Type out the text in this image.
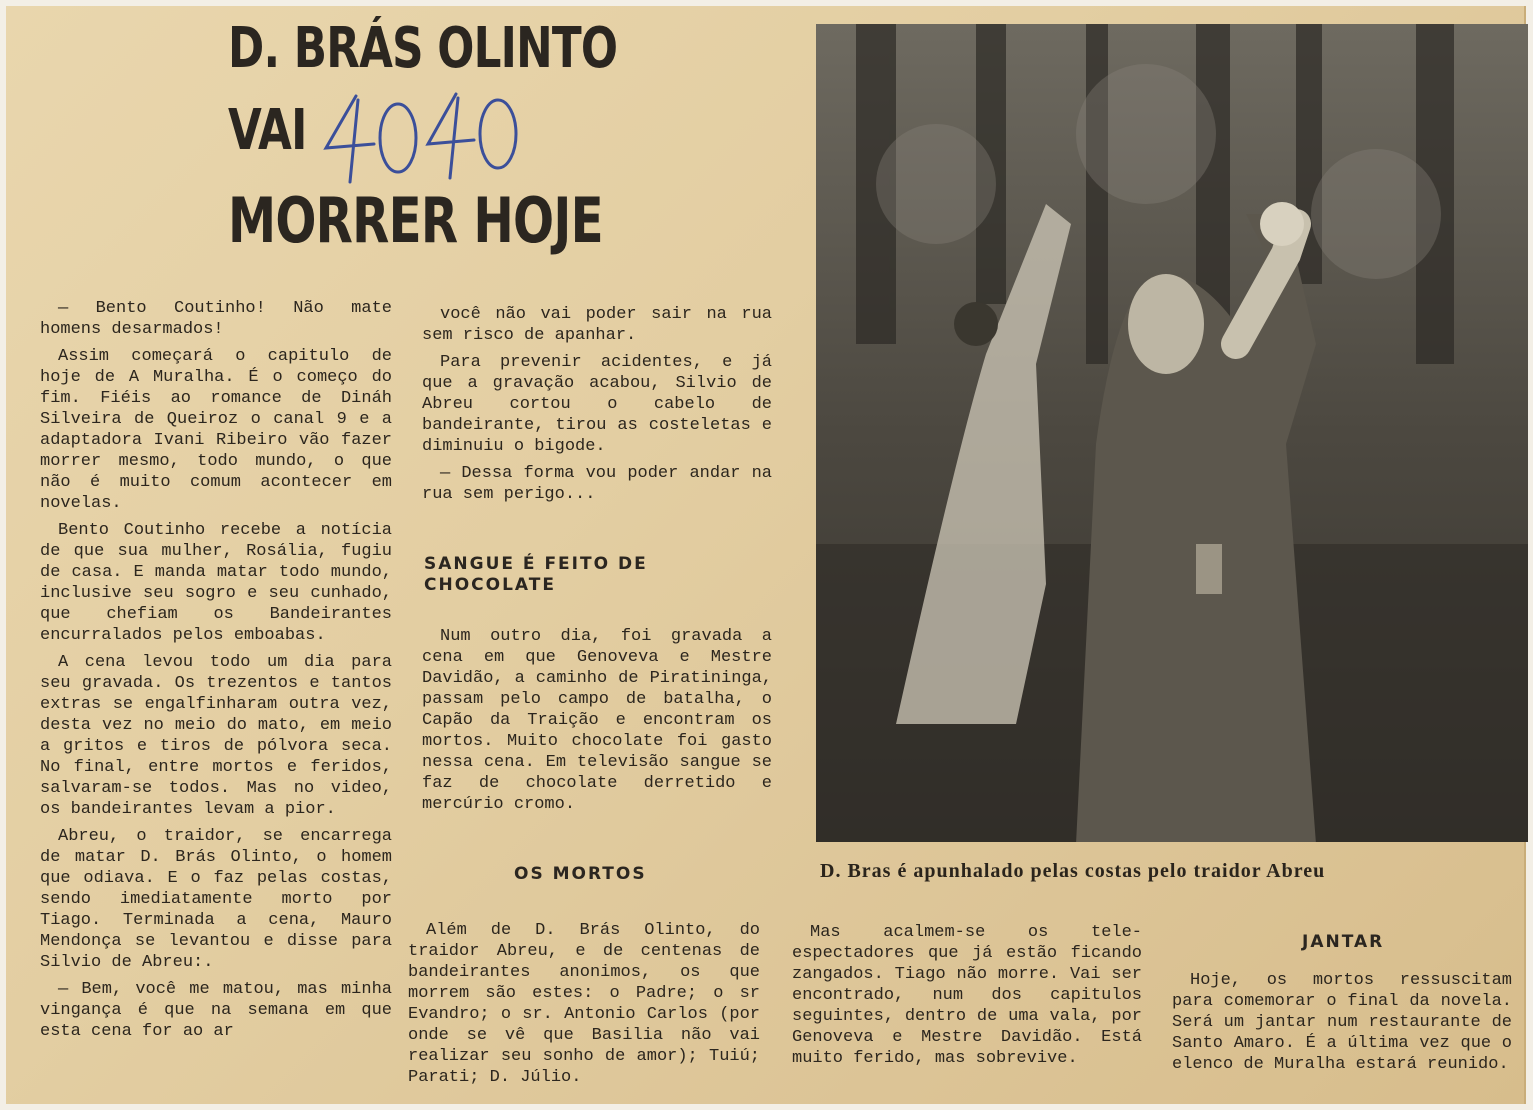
D. BRÁS OLINTO
VAI
MORRER HOJE

— Bento Coutinho! Não mate homens desarmados!

Assim começará o capitulo de hoje de A Muralha. É o começo do fim. Fiéis ao romance de Dináh Silveira de Queiroz o canal 9 e a adaptadora Ivani Ribeiro vão fazer morrer mesmo, todo mundo, o que não é muito comum acontecer em novelas.

Bento Coutinho recebe a notícia de que sua mulher, Rosália, fugiu de casa. E manda matar todo mundo, inclusive seu sogro e seu cunhado, que chefiam os Bandeirantes encurralados pelos emboabas.

A cena levou todo um dia para seu gravada. Os trezentos e tantos extras se engalfinharam outra vez, desta vez no meio do mato, em meio a gritos e tiros de pólvora seca. No final, entre mortos e feridos, salvaram-se todos. Mas no video, os bandeirantes levam a pior.

Abreu, o traidor, se encarrega de matar D. Brás Olinto, o homem que odiava. E o faz pelas costas, sendo imediatamente morto por Tiago. Terminada a cena, Mauro Mendonça se levantou e disse para Silvio de Abreu:.

— Bem, você me matou, mas minha vingança é que na semana em que esta cena for ao ar

você não vai poder sair na rua sem risco de apanhar.

Para prevenir acidentes, e já que a gravação acabou, Silvio de Abreu cortou o cabelo de bandeirante, tirou as costeletas e diminuiu o bigode.

— Dessa forma vou poder andar na rua sem perigo...

SANGUE É FEITO DE CHOCOLATE

Num outro dia, foi gravada a cena em que Genoveva e Mestre Davidão, a caminho de Piratininga, passam pelo campo de batalha, o Capão da Traição e encontram os mortos. Muito chocolate foi gasto nessa cena. Em televisão sangue se faz de chocolate derretido e mercúrio cromo.

OS MORTOS

Além de D. Brás Olinto, do traidor Abreu, e de centenas de bandeirantes anonimos, os que morrem são estes: o Padre; o sr Evandro; o sr. Antonio Carlos (por onde se vê que Basilia não vai realizar seu sonho de amor); Tuiú; Parati; D. Júlio.

D. Bras é apunhalado pelas costas pelo traidor Abreu

Mas acalmem-se os tele-espectadores que já estão ficando zangados. Tiago não morre. Vai ser encontrado, num dos capitulos seguintes, dentro de uma vala, por Genoveva e Mestre Davidão. Está muito ferido, mas sobrevive.

JANTAR

Hoje, os mortos ressuscitam para comemorar o final da novela. Será um jantar num restaurante de Santo Amaro. É a última vez que o elenco de Muralha estará reunido.
